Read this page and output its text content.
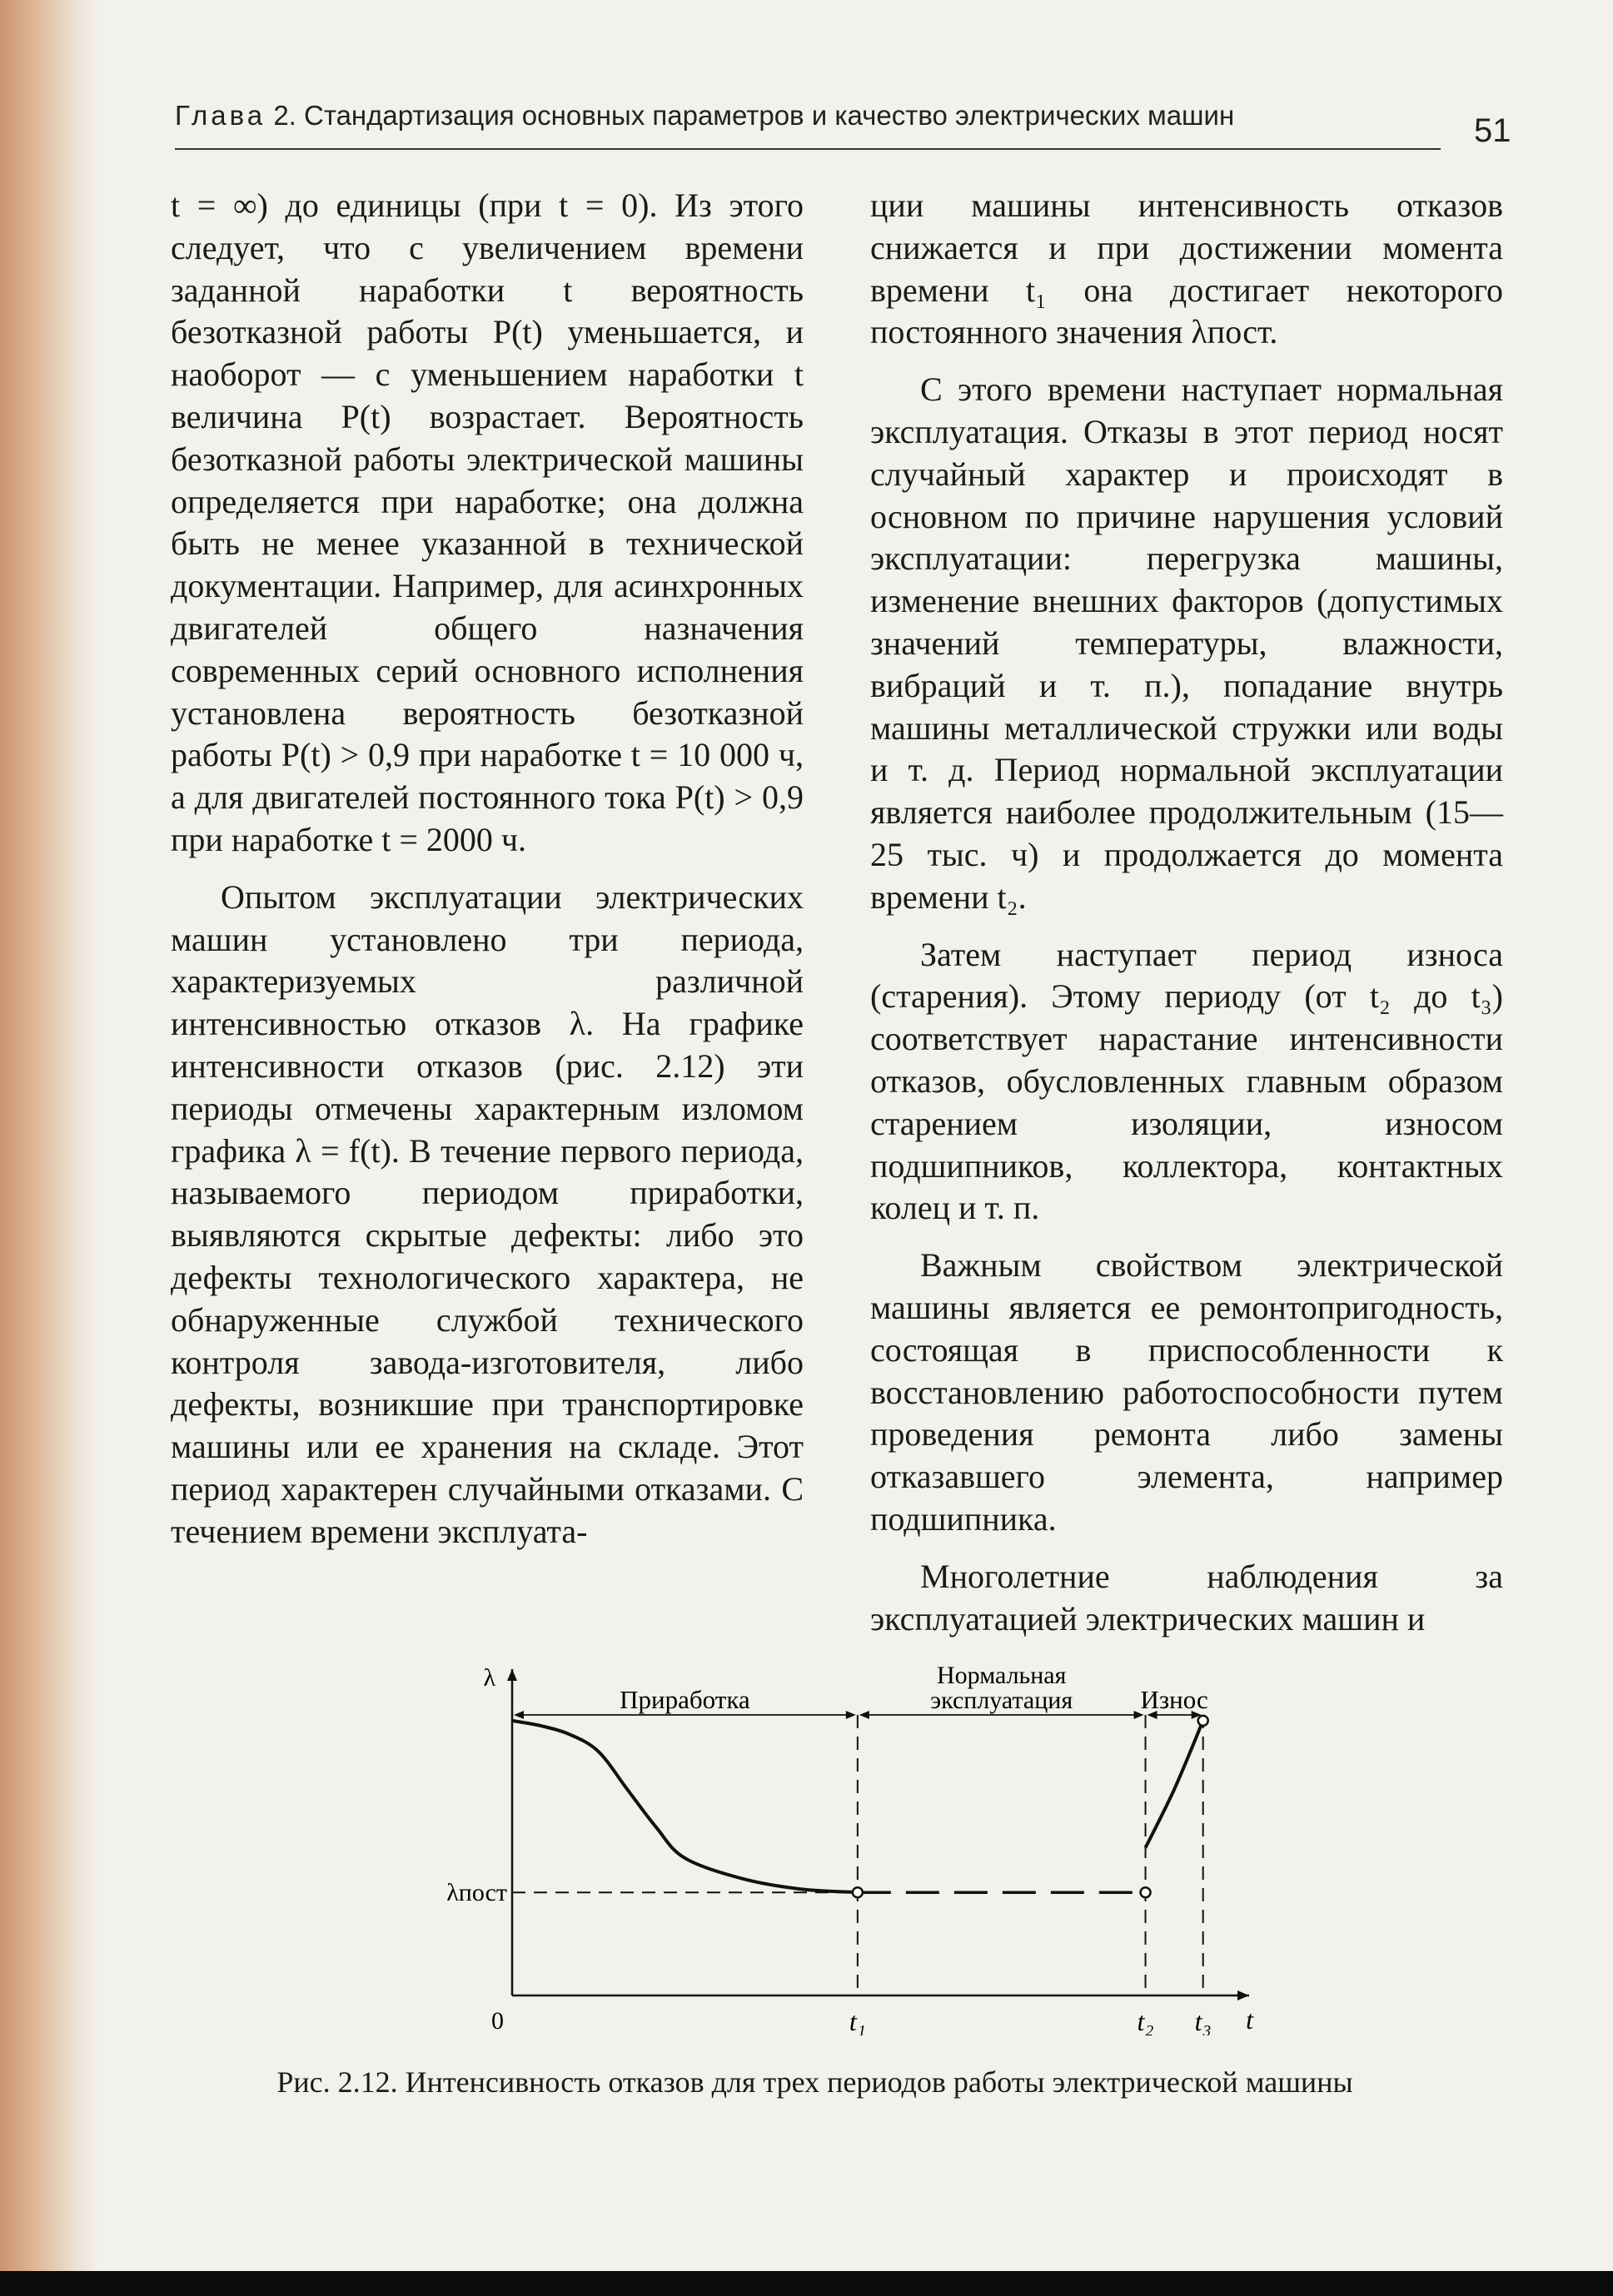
Глава 2. Стандартизация основных параметров и качество электрических машин	51

t = ∞) до единицы (при t = 0). Из этого следует, что с увеличением времени заданной наработки t вероятность безотказной работы P(t) уменьшается, и наоборот — с уменьшением наработки t величина P(t) возрастает. Вероятность безотказной работы электрической машины определяется при наработке; она должна быть не менее указанной в технической документации. Например, для асинхронных двигателей общего назначения современных серий основного исполнения установлена вероятность безотказной работы P(t) > 0,9 при наработке t = 10 000 ч, а для двигателей постоянного тока P(t) > 0,9 при наработке t = 2000 ч.

Опытом эксплуатации электрических машин установлено три периода, характеризуемых различной интенсивностью отказов λ. На графике интенсивности отказов (рис. 2.12) эти периоды отмечены характерным изломом графика λ = f(t). В течение первого периода, называемого периодом приработки, выявляются скрытые дефекты: либо это дефекты технологического характера, не обнаруженные службой технического контроля завода-изготовителя, либо дефекты, возникшие при транспортировке машины или ее хранения на складе. Этот период характерен случайными отказами. С течением времени эксплуата-

ции машины интенсивность отказов снижается и при достижении момента времени t₁ она достигает некоторого постоянного значения λпост.

С этого времени наступает нормальная эксплуатация. Отказы в этот период носят случайный характер и происходят в основном по причине нарушения условий эксплуатации: перегрузка машины, изменение внешних факторов (допустимых значений температуры, влажности, вибраций и т. п.), попадание внутрь машины металлической стружки или воды и т. д. Период нормальной эксплуатации является наиболее продолжительным (15—25 тыс. ч) и продолжается до момента времени t₂.

Затем наступает период износа (старения). Этому периоду (от t₂ до t₃) соответствует нарастание интенсивности отказов, обусловленных главным образом старением изоляции, износом подшипников, коллектора, контактных колец и т. п.

Важным свойством электрической машины является ее ремонтопригодность, состоящая в приспособленности к восстановлению работоспособности путем проведения ремонта либо замены отказавшего элемента, например подшипника.

Многолетние наблюдения за эксплуатацией электрических машин и

λ
0	t
λпост
t₁	t₂ t₃
Приработка
Нормальная
эксплуатация	Износ
Рис. 2.12. Интенсивность отказов для трех периодов работы электрической машины
